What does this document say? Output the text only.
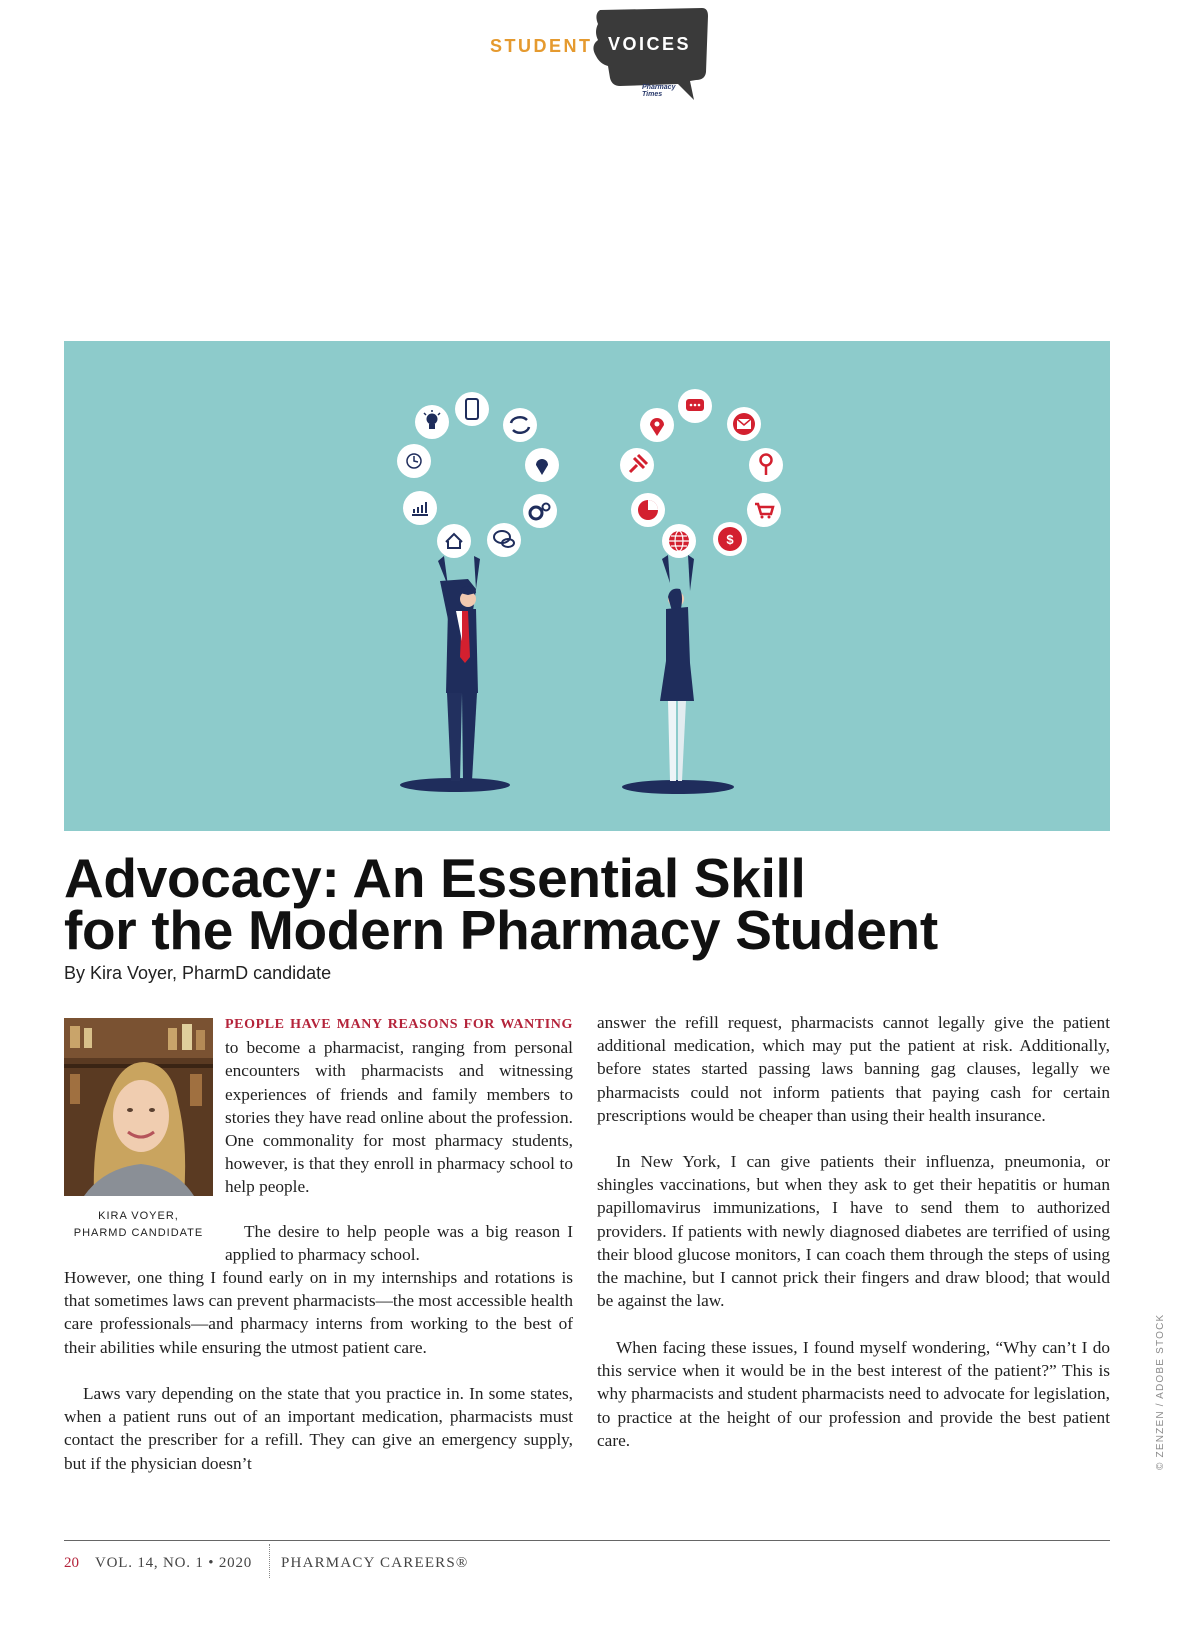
STUDENT VOICES
Pharmacy
Times
$
Advocacy: An Essential Skill
for the Modern Pharmacy Student
By Kira Voyer, PharmD candidate
KIRA VOYER,
PHARMD CANDIDATE

PEOPLE HAVE MANY REASONS FOR WANTING to become a pharmacist, ranging from personal encounters with pharmacists and witnessing experiences of friends and family members to stories they have read online about the profession. One commonality for most pharmacy students, however, is that they enroll in pharmacy school to help people.

The desire to help people was a big reason I applied to pharmacy school.

However, one thing I found early on in my internships and rotations is that sometimes laws can prevent pharmacists—the most accessible health care professionals—and pharmacy interns from working to the best of their abilities while ensuring the utmost patient care.

Laws vary depending on the state that you practice in. In some states, when a patient runs out of an important medication, pharmacists must contact the prescriber for a refill. They can give an emergency supply, but if the physician doesn’t

answer the refill request, pharmacists cannot legally give the patient additional medication, which may put the patient at risk. Additionally, before states started passing laws banning gag clauses, legally we pharmacists could not inform patients that paying cash for certain prescriptions would be cheaper than using their health insurance.

In New York, I can give patients their influenza, pneumonia, or shingles vaccinations, but when they ask to get their hepatitis or human papillomavirus immunizations, I have to send them to authorized providers. If patients with newly diagnosed diabetes are terrified of using their blood glucose monitors, I can coach them through the steps of using the machine, but I cannot prick their fingers and draw blood; that would be against the law.

When facing these issues, I found myself wondering, “Why can’t I do this service when it would be in the best interest of the patient?” This is why pharmacists and student pharmacists need to advocate for legislation, to practice at the height of our profession and provide the best patient care.	© ZENZEN / ADOBE STOCK
20 VOL. 14, NO. 1 • 2020 PHARMACY CAREERS®
